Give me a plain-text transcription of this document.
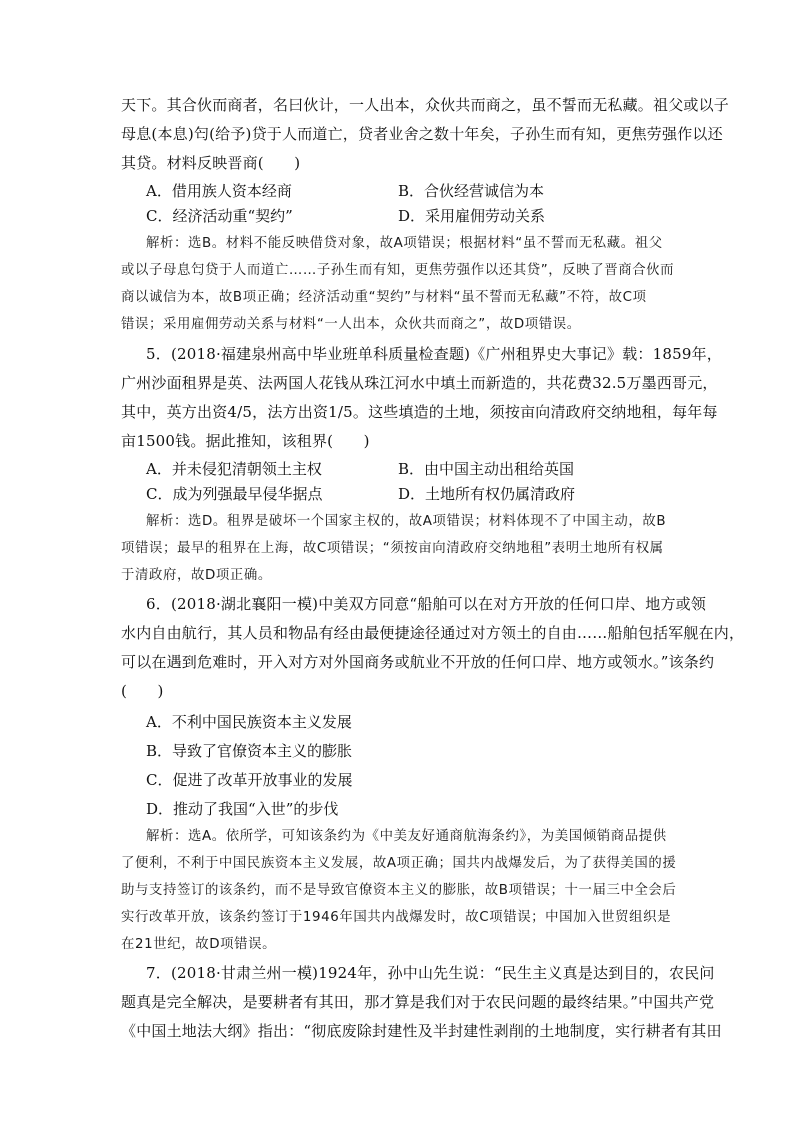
天下。其合伙而商者，名曰伙计，一人出本，众伙共而商之，虽不誓而无私藏。祖父或以子
母息(本息)匄(给予)贷于人而道亡，贷者业舍之数十年矣，子孙生而有知，更焦劳强作以还
其贷。材料反映晋商(　　)
A．借用族人资本经商	B．合伙经营诚信为本
C．经济活动重“契约”	D．采用雇佣劳动关系
解析：选B。材料不能反映借贷对象，故A项错误；根据材料“虽不誓而无私藏。祖父
或以子母息匄贷于人而道亡……子孙生而有知，更焦劳强作以还其贷”，反映了晋商合伙而
商以诚信为本，故B项正确；经济活动重“契约”与材料“虽不誓而无私藏”不符，故C项
错误；采用雇佣劳动关系与材料“一人出本，众伙共而商之”，故D项错误。
5．(2018·福建泉州高中毕业班单科质量检查题)《广州租界史大事记》载：1859年，
广州沙面租界是英、法两国人花钱从珠江河水中填土而新造的，共花费32.5万墨西哥元，
其中，英方出资4/5，法方出资1/5。这些填造的土地，须按亩向清政府交纳地租，每年每
亩1500钱。据此推知，该租界(　　)
A．并未侵犯清朝领土主权	B．由中国主动出租给英国
C．成为列强最早侵华据点	D．土地所有权仍属清政府
解析：选D。租界是破坏一个国家主权的，故A项错误；材料体现不了中国主动，故B
项错误；最早的租界在上海，故C项错误；“须按亩向清政府交纳地租”表明土地所有权属
于清政府，故D项正确。
6．(2018·湖北襄阳一模)中美双方同意“船舶可以在对方开放的任何口岸、地方或领
水内自由航行，其人员和物品有经由最便捷途径通过对方领土的自由……船舶包括军舰在内，
可以在遇到危难时，开入对方对外国商务或航业不开放的任何口岸、地方或领水。”该条约
(　　)
A．不利中国民族资本主义发展
B．导致了官僚资本主义的膨胀
C．促进了改革开放事业的发展
D．推动了我国“入世”的步伐
解析：选A。依所学，可知该条约为《中美友好通商航海条约》，为美国倾销商品提供
了便利，不利于中国民族资本主义发展，故A项正确；国共内战爆发后，为了获得美国的援
助与支持签订的该条约，而不是导致官僚资本主义的膨胀，故B项错误；十一届三中全会后
实行改革开放，该条约签订于1946年国共内战爆发时，故C项错误；中国加入世贸组织是
在21世纪，故D项错误。
7．(2018·甘肃兰州一模)1924年，孙中山先生说：“民生主义真是达到目的，农民问
题真是完全解决，是要耕者有其田，那才算是我们对于农民问题的最终结果。”中国共产党
《中国土地法大纲》指出：“彻底废除封建性及半封建性剥削的土地制度，实行耕者有其田
